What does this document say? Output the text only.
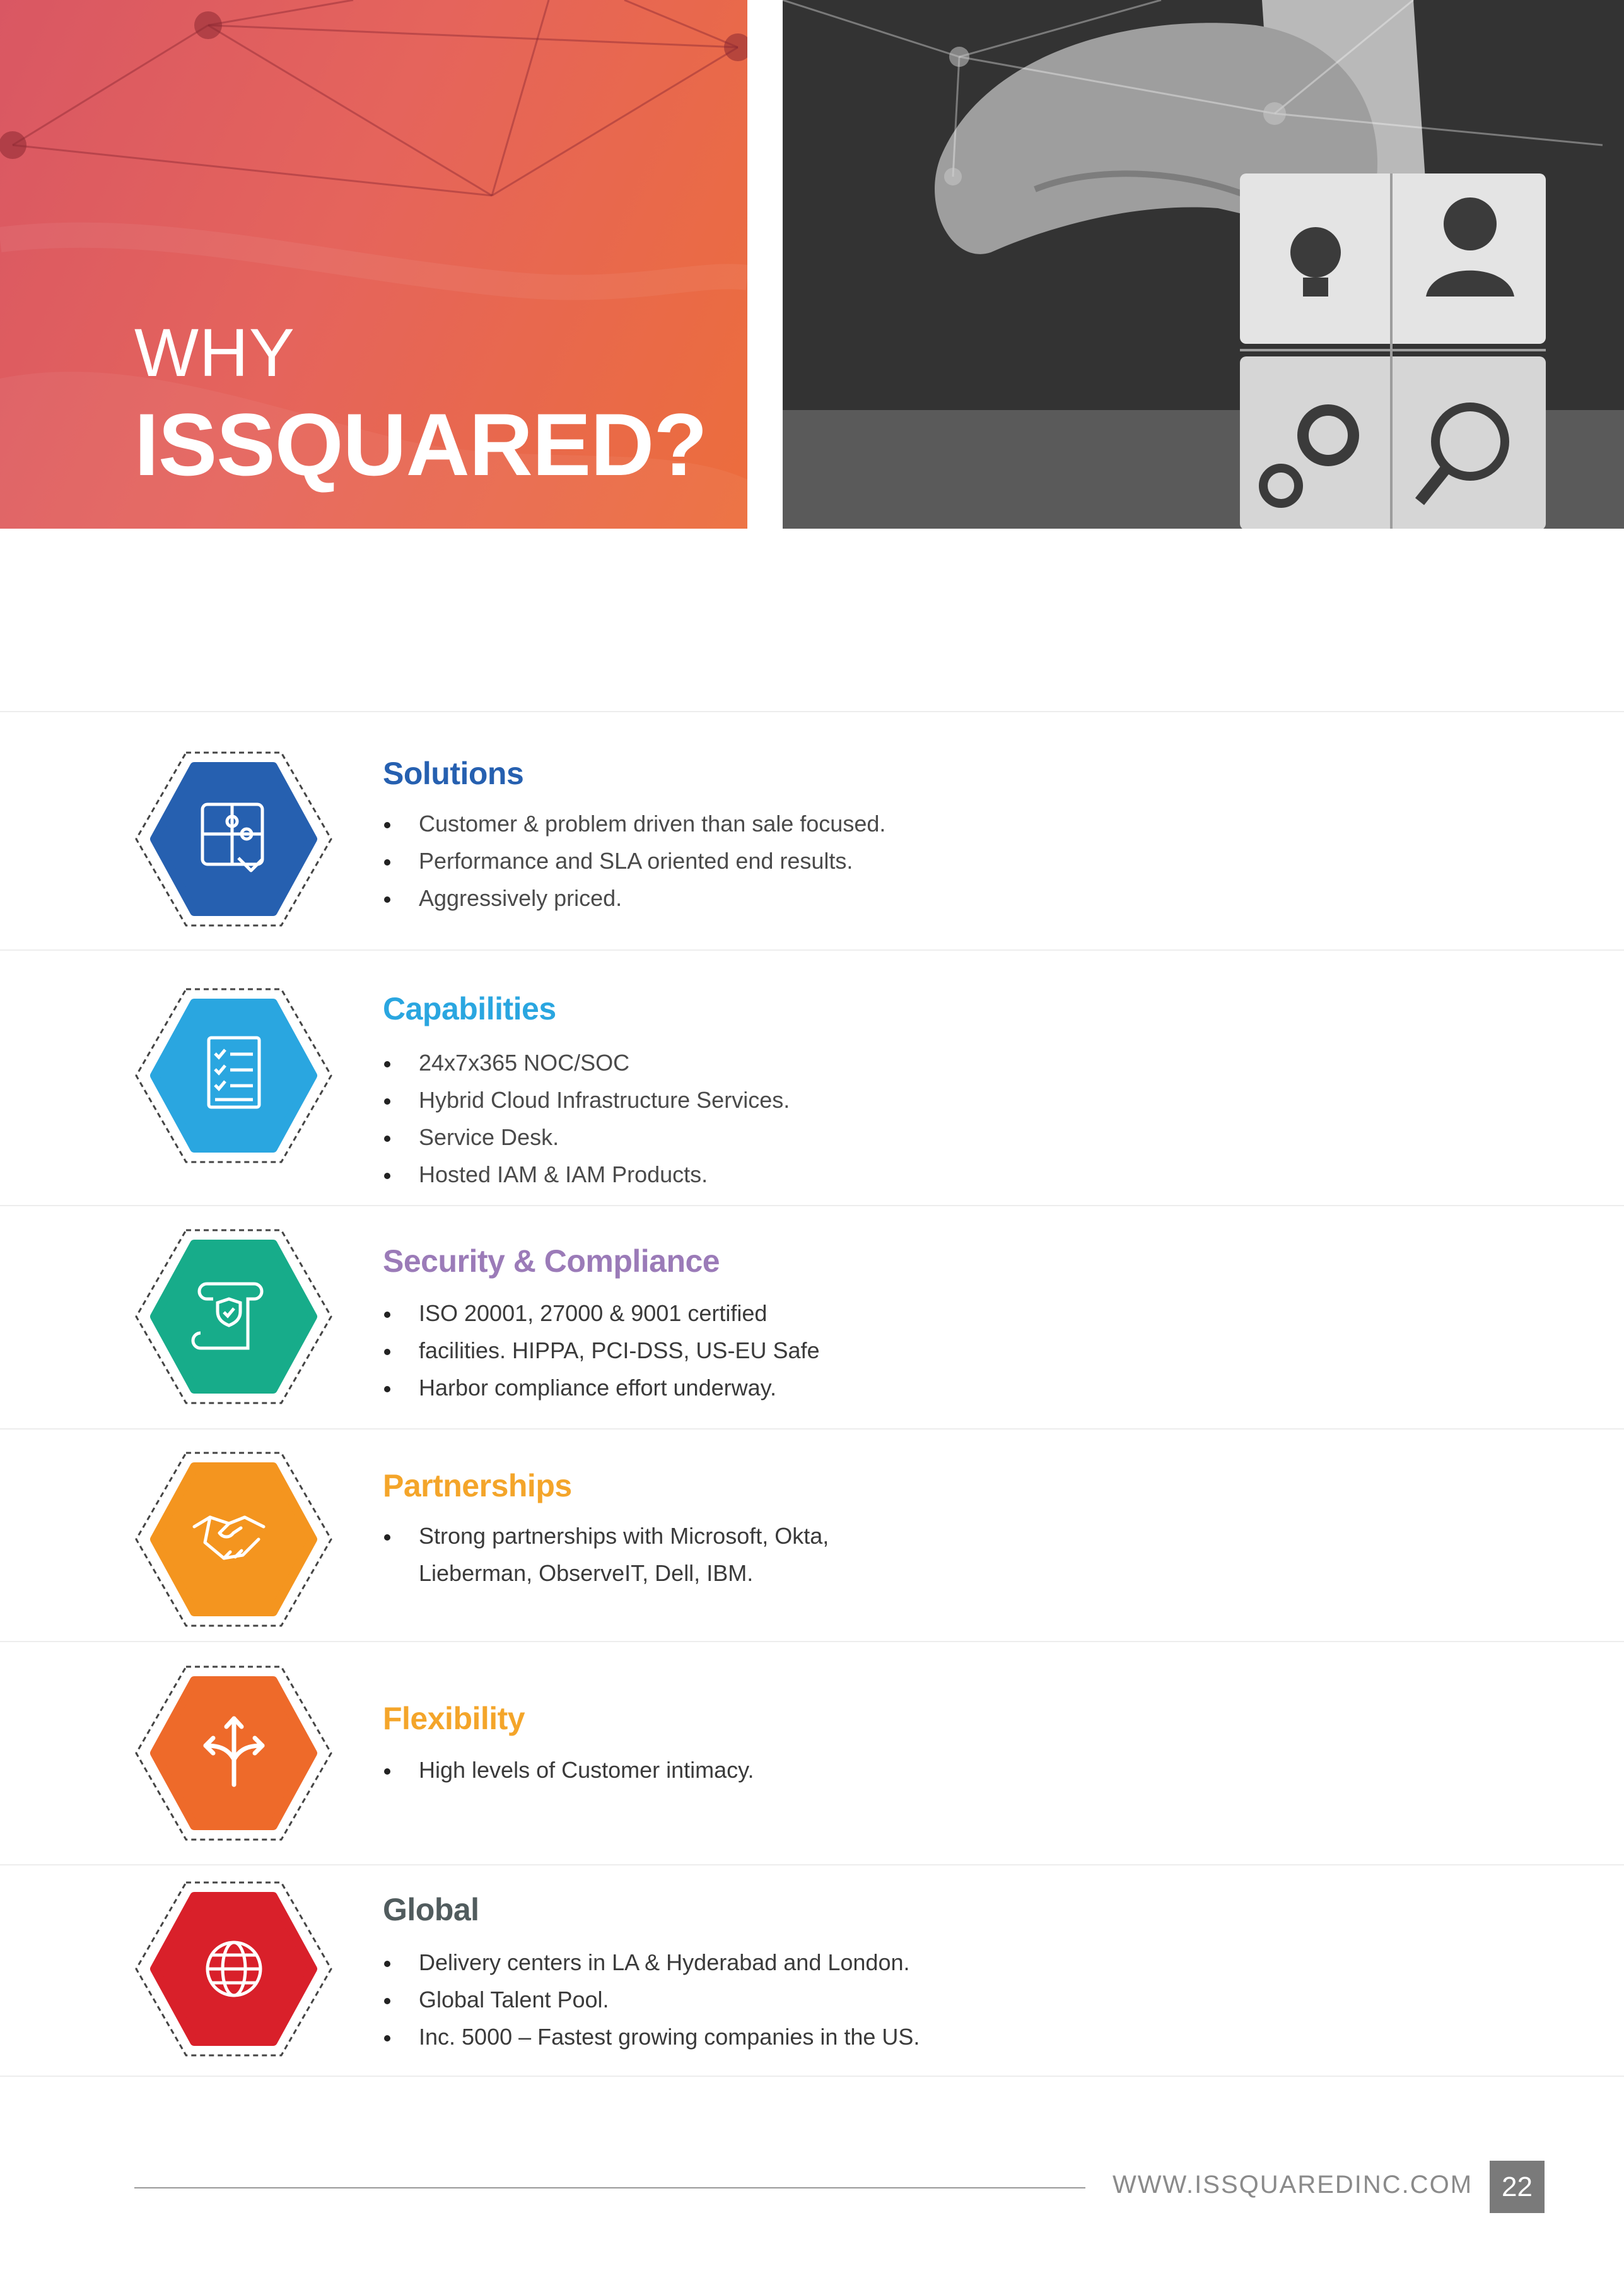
WHY
ISSQUARED?
Solutions
Customer & problem driven than sale focused.
Performance and SLA oriented end results.
Aggressively priced.
Capabilities
24x7x365 NOC/SOC
Hybrid Cloud Infrastructure Services.
Service Desk.
Hosted IAM & IAM Products.
Security & Compliance
ISO 20001, 27000 & 9001 certified
facilities. HIPPA, PCI-DSS, US-EU Safe
Harbor compliance effort underway.
Partnerships
Strong partnerships with Microsoft, Okta,
Lieberman, ObserveIT, Dell, IBM.
Flexibility
High levels of Customer intimacy.
Global
Delivery centers in LA & Hyderabad and London.
Global Talent Pool.
Inc. 5000 – Fastest growing companies in the US.
WWW.ISSQUAREDINC.COM	22
